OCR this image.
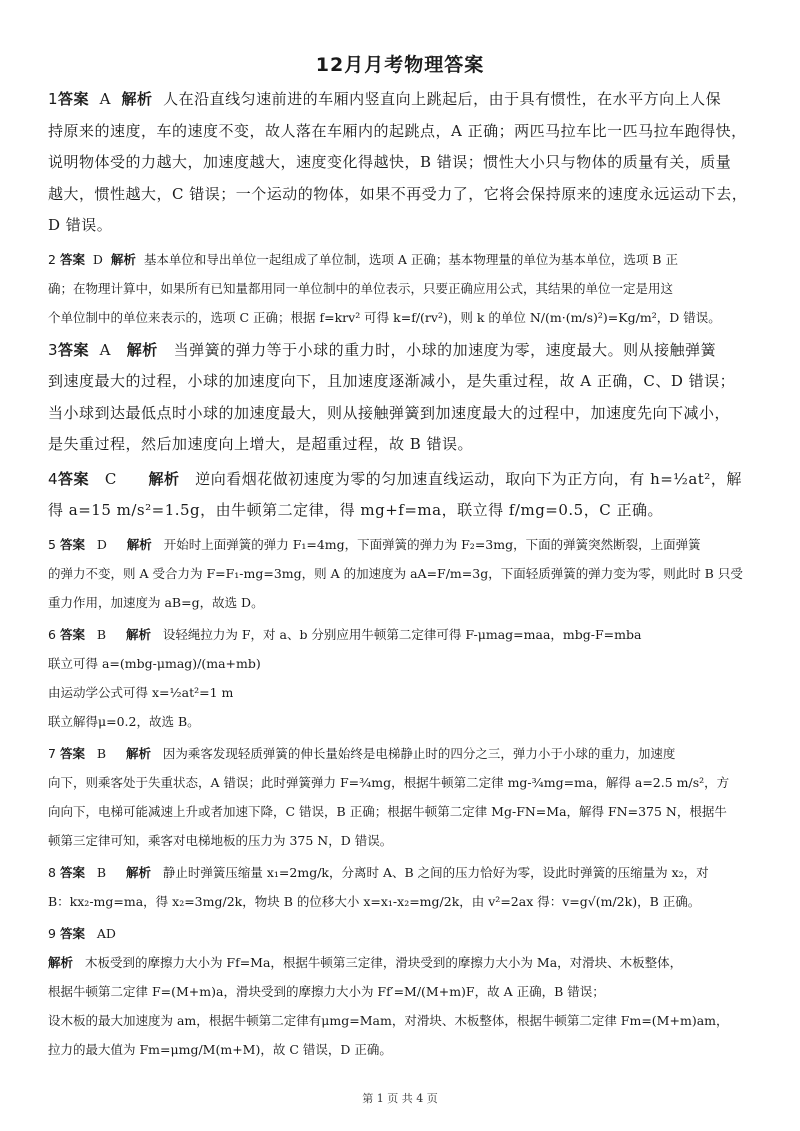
12月月考物理答案
1答案 A 解析 人在沿直线匀速前进的车厢内竖直向上跳起后，由于具有惯性，在水平方向上人保
持原来的速度，车的速度不变，故人落在车厢内的起跳点，A 正确；两匹马拉车比一匹马拉车跑得快，
说明物体受的力越大，加速度越大，速度变化得越快，B 错误；惯性大小只与物体的质量有关，质量
越大，惯性越大，C 错误；一个运动的物体，如果不再受力了，它将会保持原来的速度永远运动下去，
D 错误。
2 答案 D 解析 基本单位和导出单位一起组成了单位制，选项 A 正确；基本物理量的单位为基本单位，选项 B 正
确；在物理计算中，如果所有已知量都用同一单位制中的单位表示，只要正确应用公式，其结果的单位一定是用这
个单位制中的单位来表示的，选项 C 正确；根据 f=krv² 可得 k=f/(rv²)，则 k 的单位 N/(m·(m/s)²)=Kg/m²，D 错误。
3答案 A 解析 当弹簧的弹力等于小球的重力时，小球的加速度为零，速度最大。则从接触弹簧
到速度最大的过程，小球的加速度向下，且加速度逐渐减小，是失重过程，故 A 正确，C、D 错误；
当小球到达最低点时小球的加速度最大，则从接触弹簧到加速度最大的过程中，加速度先向下减小，
是失重过程，然后加速度向上增大，是超重过程，故 B 错误。
4答案 C 解析 逆向看烟花做初速度为零的匀加速直线运动，取向下为正方向，有 h=½at²，解
得 a=15 m/s²=1.5g，由牛顿第二定律，得 mg+f=ma，联立得 f/mg=0.5，C 正确。
5 答案 D 解析 开始时上面弹簧的弹力 F₁=4mg，下面弹簧的弹力为 F₂=3mg，下面的弹簧突然断裂，上面弹簧
的弹力不变，则 A 受合力为 F=F₁-mg=3mg，则 A 的加速度为 aA=F/m=3g，下面轻质弹簧的弹力变为零，则此时 B 只受
重力作用，加速度为 aB=g，故选 D。
6 答案 B 解析 设轻绳拉力为 F，对 a、b 分别应用牛顿第二定律可得 F-μmag=maa，mbg-F=mba
联立可得 a=(mbg-μmag)/(ma+mb)
由运动学公式可得 x=½at²=1 m
联立解得μ=0.2，故选 B。
7 答案 B 解析 因为乘客发现轻质弹簧的伸长量始终是电梯静止时的四分之三，弹力小于小球的重力，加速度
向下，则乘客处于失重状态，A 错误；此时弹簧弹力 F=¾mg，根据牛顿第二定律 mg-¾mg=ma，解得 a=2.5 m/s²，方
向向下，电梯可能减速上升或者加速下降，C 错误，B 正确；根据牛顿第二定律 Mg-FN=Ma，解得 FN=375 N，根据牛
顿第三定律可知，乘客对电梯地板的压力为 375 N，D 错误。
8 答案 B 解析 静止时弹簧压缩量 x₁=2mg/k，分离时 A、B 之间的压力恰好为零，设此时弹簧的压缩量为 x₂，对
B：kx₂-mg=ma，得 x₂=3mg/2k，物块 B 的位移大小 x=x₁-x₂=mg/2k，由 v²=2ax 得：v=g√(m/2k)，B 正确。
9 答案 AD
解析 木板受到的摩擦力大小为 Ff=Ma，根据牛顿第三定律，滑块受到的摩擦力大小为 Ma，对滑块、木板整体，
根据牛顿第二定律 F=(M+m)a，滑块受到的摩擦力大小为 Ff′=M/(M+m)F，故 A 正确，B 错误；
设木板的最大加速度为 am，根据牛顿第二定律有μmg=Mam，对滑块、木板整体，根据牛顿第二定律 Fm=(M+m)am，
拉力的最大值为 Fm=μmg/M(m+M)，故 C 错误，D 正确。
第 1 页 共 4 页
